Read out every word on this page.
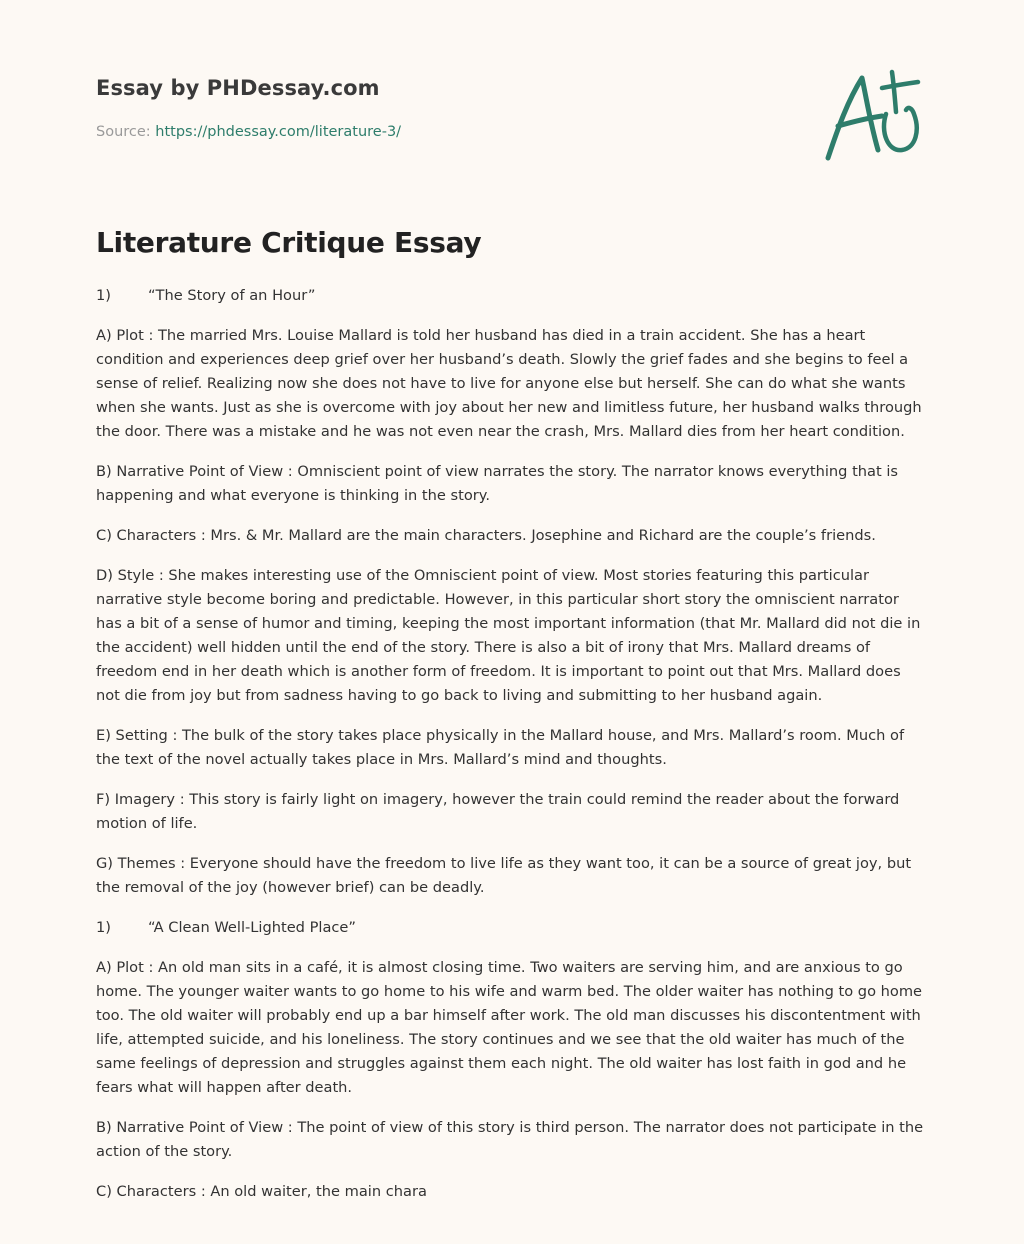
Essay by PHDessay.com
Source: https://phdessay.com/literature-3/
Literature Critique Essay

1)	“The Story of an Hour”

A) Plot : The married Mrs. Louise Mallard is told her husband has died in a train accident. She has a heart condition and experiences deep grief over her husband’s death. Slowly the grief fades and she begins to feel a sense of relief. Realizing now she does not have to live for anyone else but herself. She can do what she wants when she wants. Just as she is overcome with joy about her new and limitless future, her husband walks through the door. There was a mistake and he was not even near the crash, Mrs. Mallard dies from her heart condition.

B) Narrative Point of View : Omniscient point of view narrates the story. The narrator knows everything that is happening and what everyone is thinking in the story.

C) Characters : Mrs. & Mr. Mallard are the main characters. Josephine and Richard are the couple’s friends.

D) Style : She makes interesting use of the Omniscient point of view. Most stories featuring this particular narrative style become boring and predictable. However, in this particular short story the omniscient narrator has a bit of a sense of humor and timing, keeping the most important information (that Mr. Mallard did not die in the accident) well hidden until the end of the story. There is also a bit of irony that Mrs. Mallard dreams of freedom end in her death which is another form of freedom. It is important to point out that Mrs. Mallard does not die from joy but from sadness having to go back to living and submitting to her husband again.

E) Setting : The bulk of the story takes place physically in the Mallard house, and Mrs. Mallard’s room. Much of the text of the novel actually takes place in Mrs. Mallard’s mind and thoughts.

F) Imagery : This story is fairly light on imagery, however the train could remind the reader about the forward motion of life.

G) Themes : Everyone should have the freedom to live life as they want too, it can be a source of great joy, but the removal of the joy (however brief) can be deadly.

1)	“A Clean Well-Lighted Place”

A) Plot : An old man sits in a café, it is almost closing time. Two waiters are serving him, and are anxious to go home. The younger waiter wants to go home to his wife and warm bed. The older waiter has nothing to go home too. The old waiter will probably end up a bar himself after work. The old man discusses his discontentment with life, attempted suicide, and his loneliness. The story continues and we see that the old waiter has much of the same feelings of depression and struggles against them each night. The old waiter has lost faith in god and he fears what will happen after death.

B) Narrative Point of View : The point of view of this story is third person. The narrator does not participate in the action of the story.

C) Characters : An old waiter, the main chara
